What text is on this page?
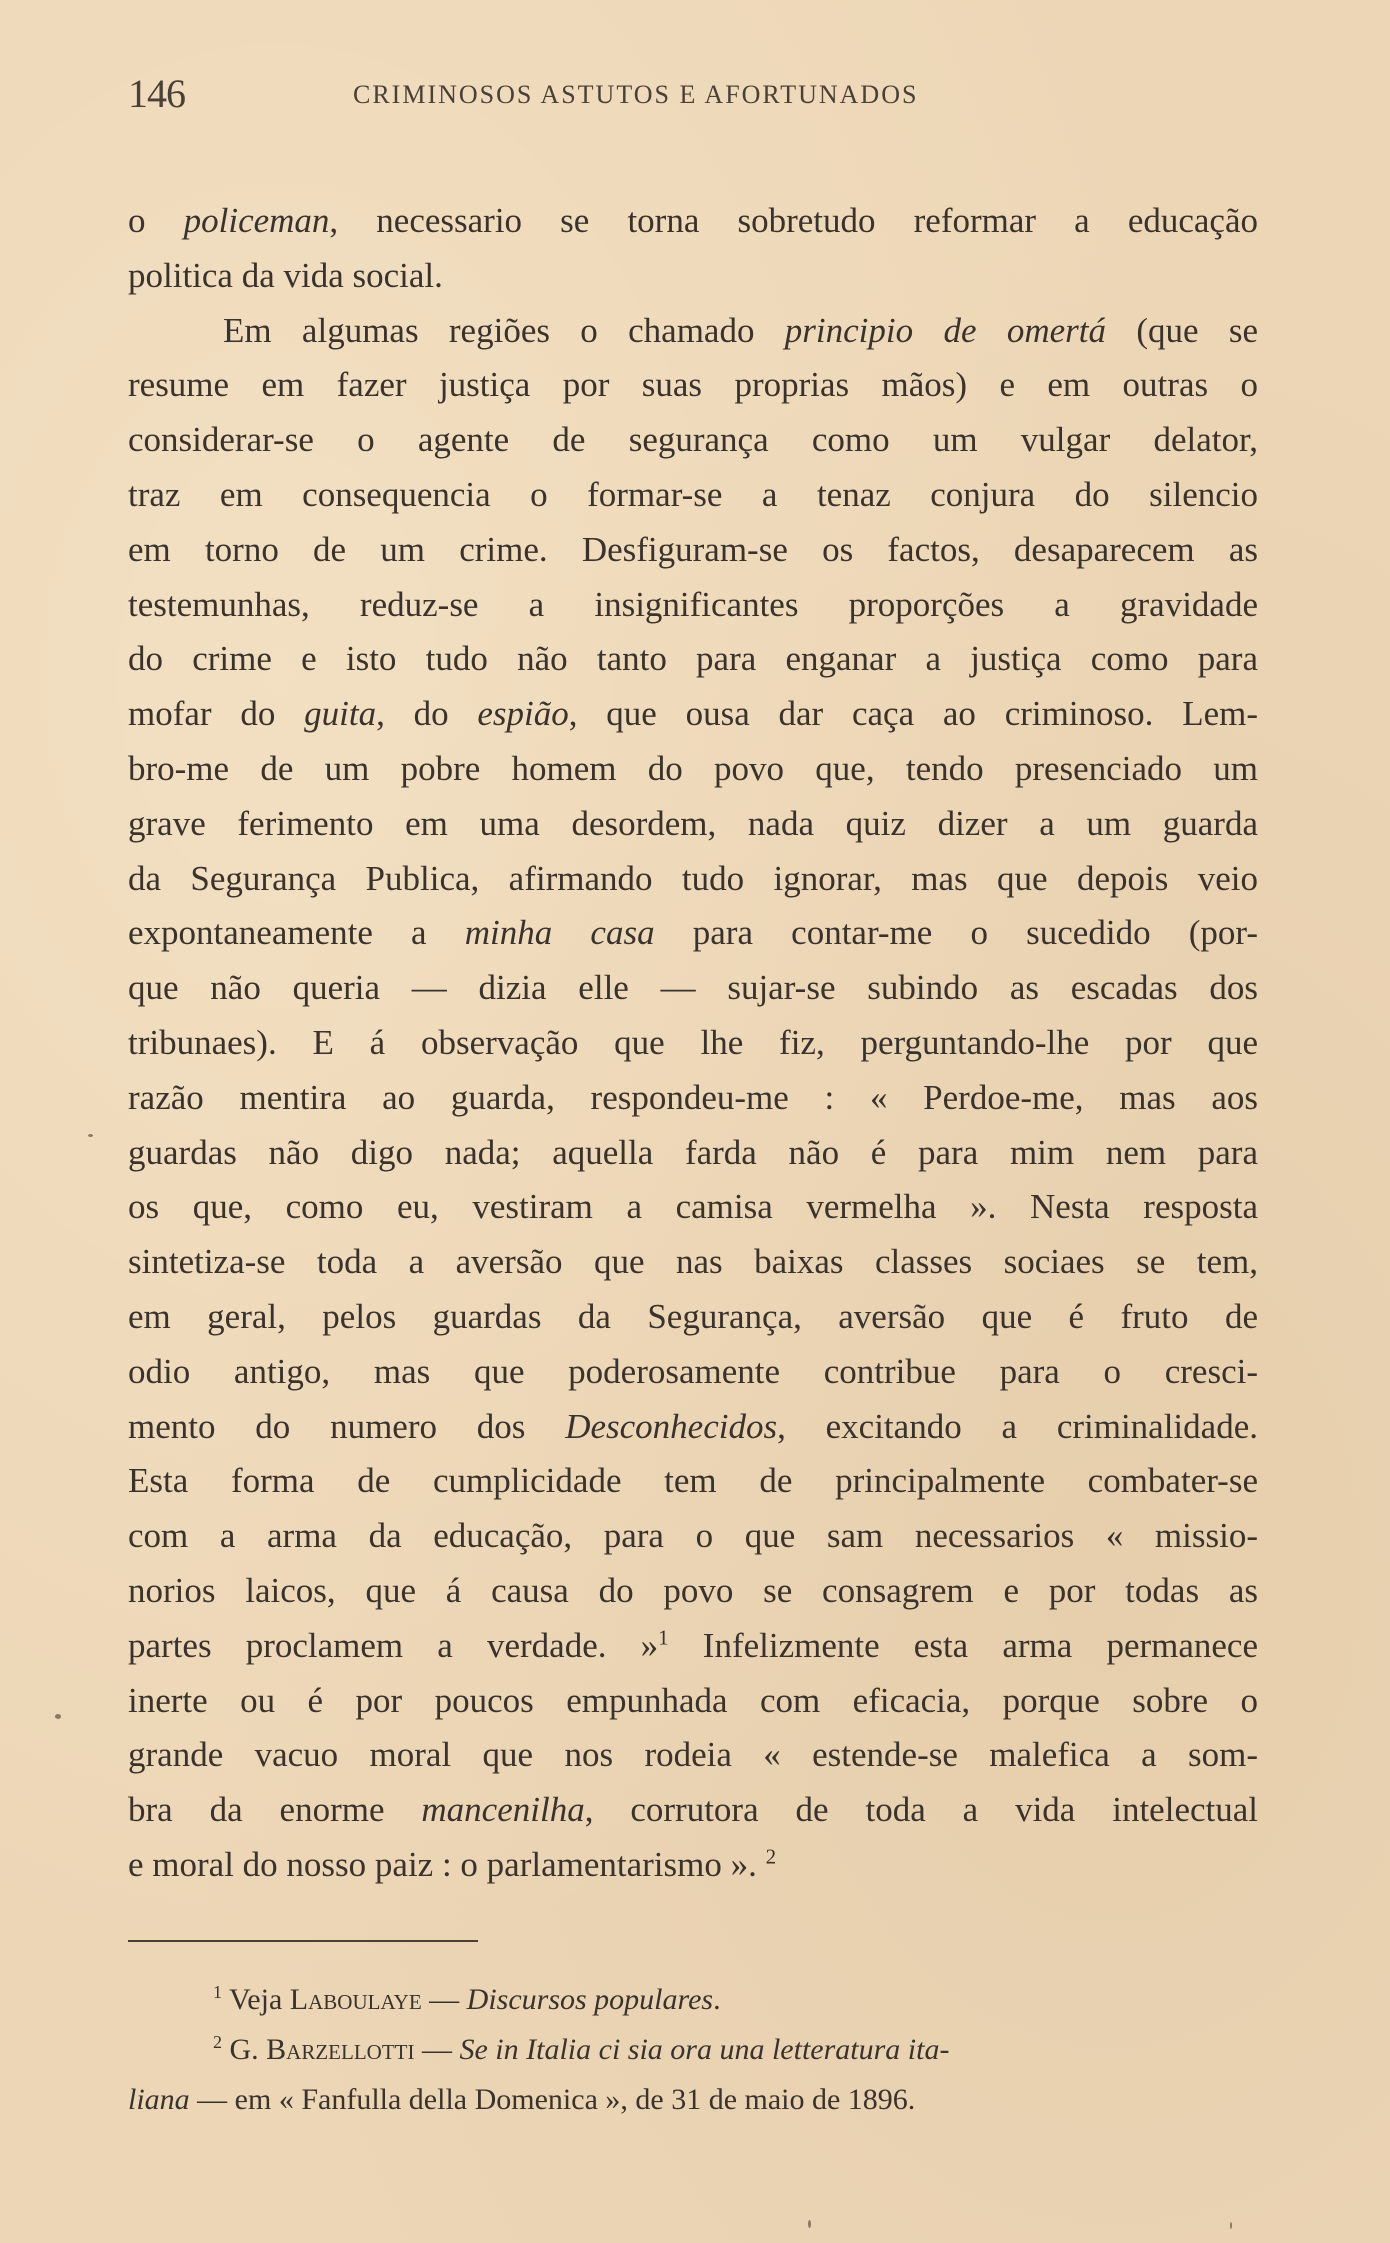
146	CRIMINOSOS ASTUTOS E AFORTUNADOS
o policeman, necessario se torna sobretudo reformar a educação
politica da vida social.
Em algumas regiões o chamado principio de omertá (que se
resume em fazer justiça por suas proprias mãos) e em outras o
considerar-se o agente de segurança como um vulgar delator,
traz em consequencia o formar-se a tenaz conjura do silencio
em torno de um crime. Desfiguram-se os factos, desaparecem as
testemunhas, reduz-se a insignificantes proporções a gravidade
do crime e isto tudo não tanto para enganar a justiça como para
mofar do guita, do espião, que ousa dar caça ao criminoso. Lem-
bro-me de um pobre homem do povo que, tendo presenciado um
grave ferimento em uma desordem, nada quiz dizer a um guarda
da Segurança Publica, afirmando tudo ignorar, mas que depois veio
expontaneamente a minha casa para contar-me o sucedido (por-
que não queria — dizia elle — sujar-se subindo as escadas dos
tribunaes). E á observação que lhe fiz, perguntando-lhe por que
razão mentira ao guarda, respondeu-me : « Perdoe-me, mas aos
guardas não digo nada; aquella farda não é para mim nem para
os que, como eu, vestiram a camisa vermelha ». Nesta resposta
sintetiza-se toda a aversão que nas baixas classes sociaes se tem,
em geral, pelos guardas da Segurança, aversão que é fruto de
odio antigo, mas que poderosamente contribue para o cresci-
mento do numero dos Desconhecidos, excitando a criminalidade.
Esta forma de cumplicidade tem de principalmente combater-se
com a arma da educação, para o que sam necessarios « missio-
norios laicos, que á causa do povo se consagrem e por todas as
partes proclamem a verdade. »$^1$ Infelizmente esta arma permanece
inerte ou é por poucos empunhada com eficacia, porque sobre o
grande vacuo moral que nos rodeia « estende-se malefica a som-
bra da enorme mancenilha, corrutora de toda a vida intelectual
e moral do nosso paiz : o parlamentarismo ». $^2$
$^1$ Veja Laboulaye — Discursos populares.
$^2$ G. Barzellotti — Se in Italia ci sia ora una letteratura ita-
liana — em « Fanfulla della Domenica », de 31 de maio de 1896.
